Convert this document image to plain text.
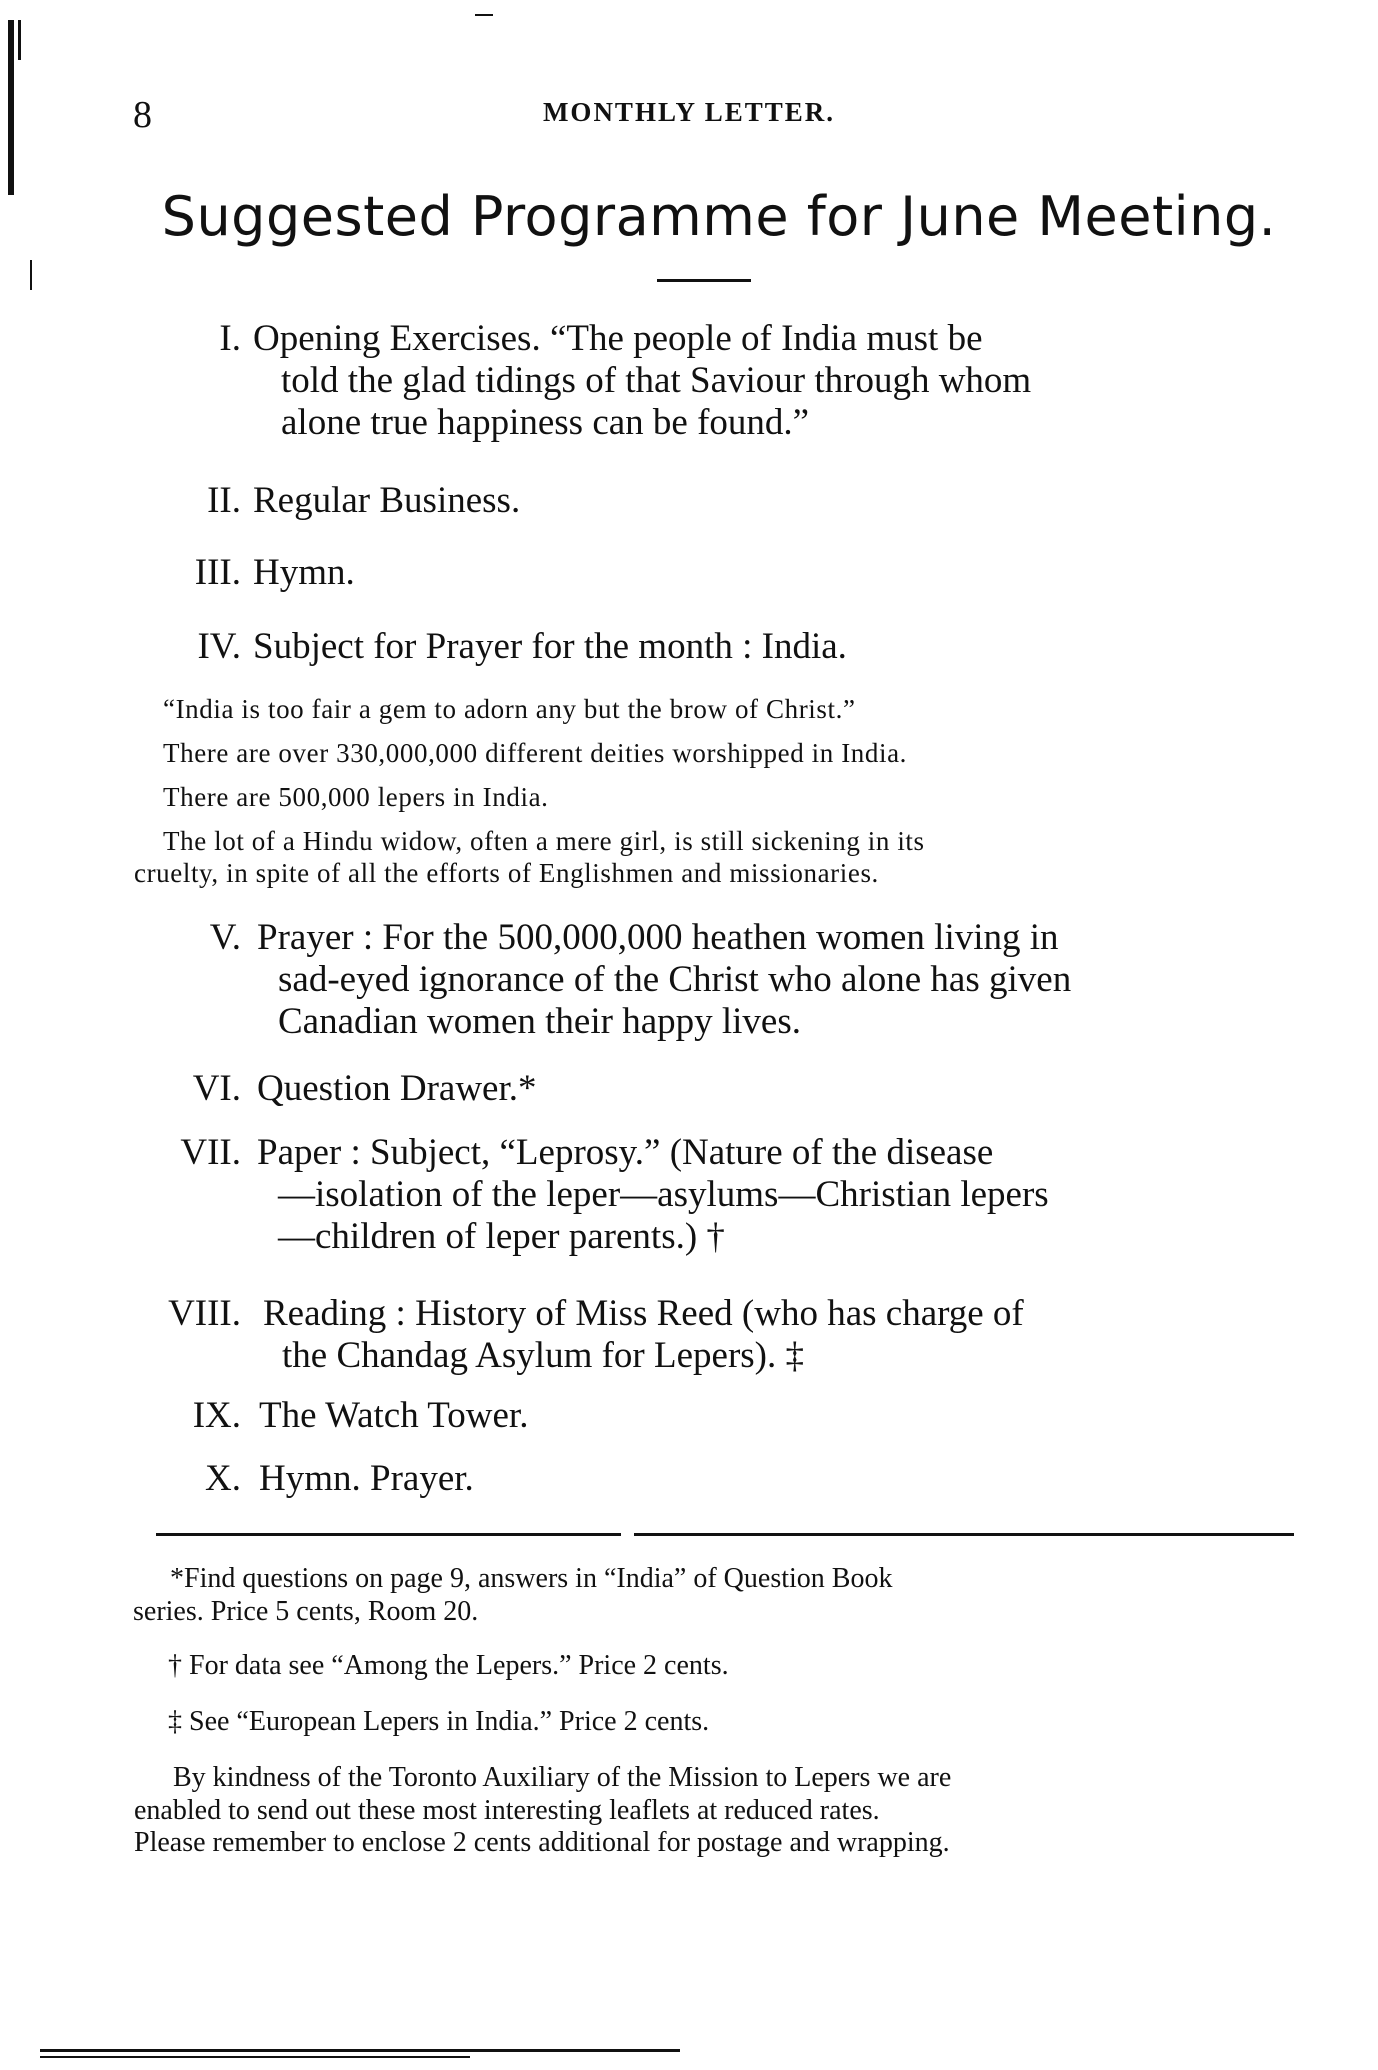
8	MONTHLY LETTER.
Suggested Programme for June Meeting.
I. Opening Exercises. “The people of India must be
told the glad tidings of that Saviour through whom
alone true happiness can be found.”
II. Regular Business.
III. Hymn.
IV. Subject for Prayer for the month : India.
“India is too fair a gem to adorn any but the brow of Christ.”
There are over 330,000,000 different deities worshipped in India.
There are 500,000 lepers in India.
The lot of a Hindu widow, often a mere girl, is still sickening in its
cruelty, in spite of all the efforts of Englishmen and missionaries.
V. Prayer : For the 500,000,000 heathen women living in
sad-eyed ignorance of the Christ who alone has given
Canadian women their happy lives.
VI. Question Drawer.*
VII. Paper : Subject, “Leprosy.” (Nature of the disease
—isolation of the leper—asylums—Christian lepers
—children of leper parents.) †
VIII. Reading : History of Miss Reed (who has charge of
the Chandag Asylum for Lepers). ‡
IX. The Watch Tower.
X. Hymn. Prayer.
*Find questions on page 9, answers in “India” of Question Book
series. Price 5 cents, Room 20.
† For data see “Among the Lepers.” Price 2 cents.
‡ See “European Lepers in India.” Price 2 cents.
By kindness of the Toronto Auxiliary of the Mission to Lepers we are
enabled to send out these most interesting leaflets at reduced rates.
Please remember to enclose 2 cents additional for postage and wrapping.
